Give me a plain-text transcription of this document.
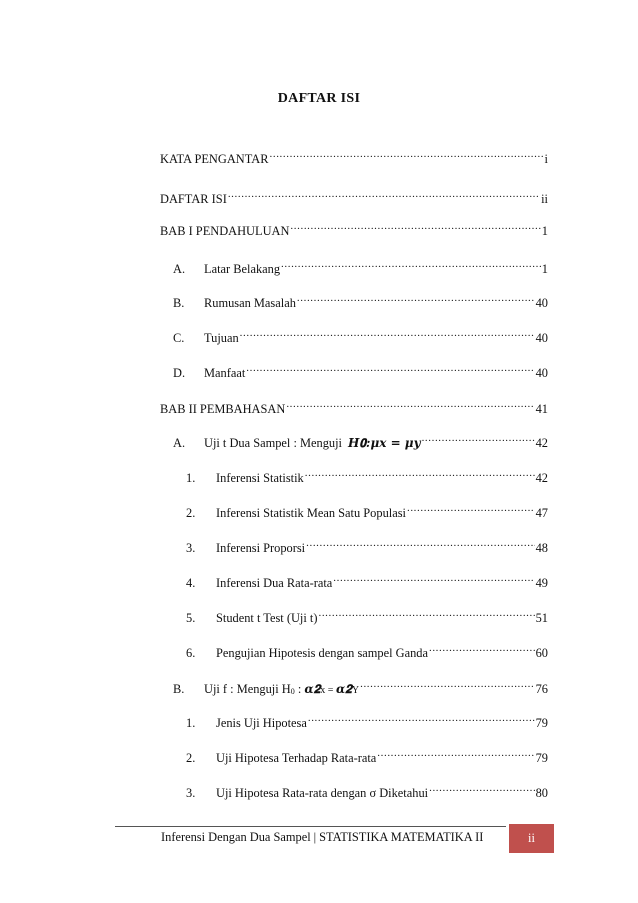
DAFTAR ISI
KATA PENGANTAR .....	i
DAFTAR ISI .....	ii
BAB I PENDAHULUAN .....	1
A.	Latar Belakang .....	1
B.	Rumusan Masalah .....	40
C.	Tujuan .....	40
D.	Manfaat .....	40
BAB II PEMBAHASAN .....	41
A.	Uji t Dua Sampel : Menguji 𝑯𝟎:𝝁𝒙 = 𝝁𝒚 .....	42
1.	Inferensi Statistik .....	42
2.	Inferensi Statistik Mean Satu Populasi .....	47
3.	Inferensi Proporsi .....	48
4.	Inferensi Dua Rata-rata .....	49
5.	Student t Test (Uji t) .....	51
6.	Pengujian Hipotesis dengan sampel Ganda .....	60
B.	Uji f : Menguji H0 : 𝜶𝟐x = 𝜶𝟐Y .....	76
1.	Jenis Uji Hipotesa .....	79
2.	Uji Hipotesa Terhadap Rata-rata .....	79
3.	Uji Hipotesa Rata-rata dengan σ Diketahui .....	80
Inferensi Dengan Dua Sampel | STATISTIKA MATEMATIKA II	ii
